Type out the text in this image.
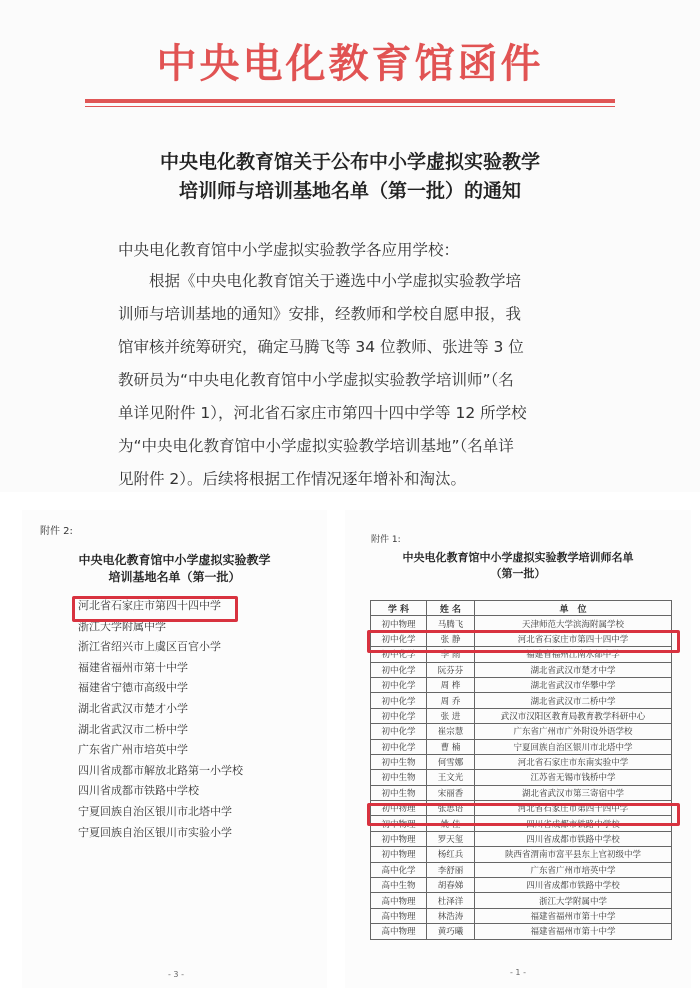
中央电化教育馆函件
中央电化教育馆关于公布中小学虚拟实验教学
培训师与培训基地名单（第一批）的通知
中央电化教育馆中小学虚拟实验教学各应用学校：

　　根据《中央电化教育馆关于遴选中小学虚拟实验教学培

训师与培训基地的通知》安排，经教师和学校自愿申报，我

馆审核并统筹研究，确定马腾飞等 34 位教师、张进等 3 位

教研员为“中央电化教育馆中小学虚拟实验教学培训师”（名

单详见附件 1），河北省石家庄市第四十四中学等 12 所学校

为“中央电化教育馆中小学虚拟实验教学培训基地”（名单详

见附件 2）。后续将根据工作情况逐年增补和淘汰。

附件 2:
中央电化教育馆中小学虚拟实验教学
培训基地名单（第一批）
河北省石家庄市第四十四中学
浙江大学附属中学
浙江省绍兴市上虞区百官小学
福建省福州市第十中学
福建省宁德市高级中学
湖北省武汉市楚才小学
湖北省武汉市二桥中学
广东省广州市培英中学
四川省成都市解放北路第一小学校
四川省成都市铁路中学校
宁夏回族自治区银川市北塔中学
宁夏回族自治区银川市实验小学
- 3 -
附件 1:
中央电化教育馆中小学虚拟实验教学培训师名单
（第一批）
学 科	姓 名	单　位
初中物理	马腾飞	天津师范大学滨海附属学校
初中化学	张 静	河北省石家庄市第四十四中学
初中化学	李 雨	福建省福州江南水都中学
初中化学	阮芬芬	湖北省武汉市楚才中学
初中化学	周 桦	湖北省武汉市华攀中学
初中化学	周 乔	湖北省武汉市二桥中学
初中化学	张 进	武汉市汉阳区教育局教育教学科研中心
初中化学	崔宗慧	广东省广州市广外附设外语学校
初中化学	曹 楠	宁夏回族自治区银川市北塔中学
初中生物	何雪娜	河北省石家庄市东南实验中学
初中生物	王文光	江苏省无锡市钱桥中学
初中生物	宋丽香	湖北省武汉市第三寄宿中学
初中物理	张思语	河北省石家庄市第四十四中学
初中物理	姚 佳	四川省成都市铁路中学校
初中物理	罗天玺	四川省成都市铁路中学校
初中物理	杨红兵	陕西省渭南市富平县东上官初级中学
高中化学	李舒丽	广东省广州市培英中学
高中生物	胡春娣	四川省成都市铁路中学校
高中物理	杜泽洋	浙江大学附属中学
高中物理	林浩涛	福建省福州市第十中学
高中物理	黄巧曦	福建省福州市第十中学
- 1 -
